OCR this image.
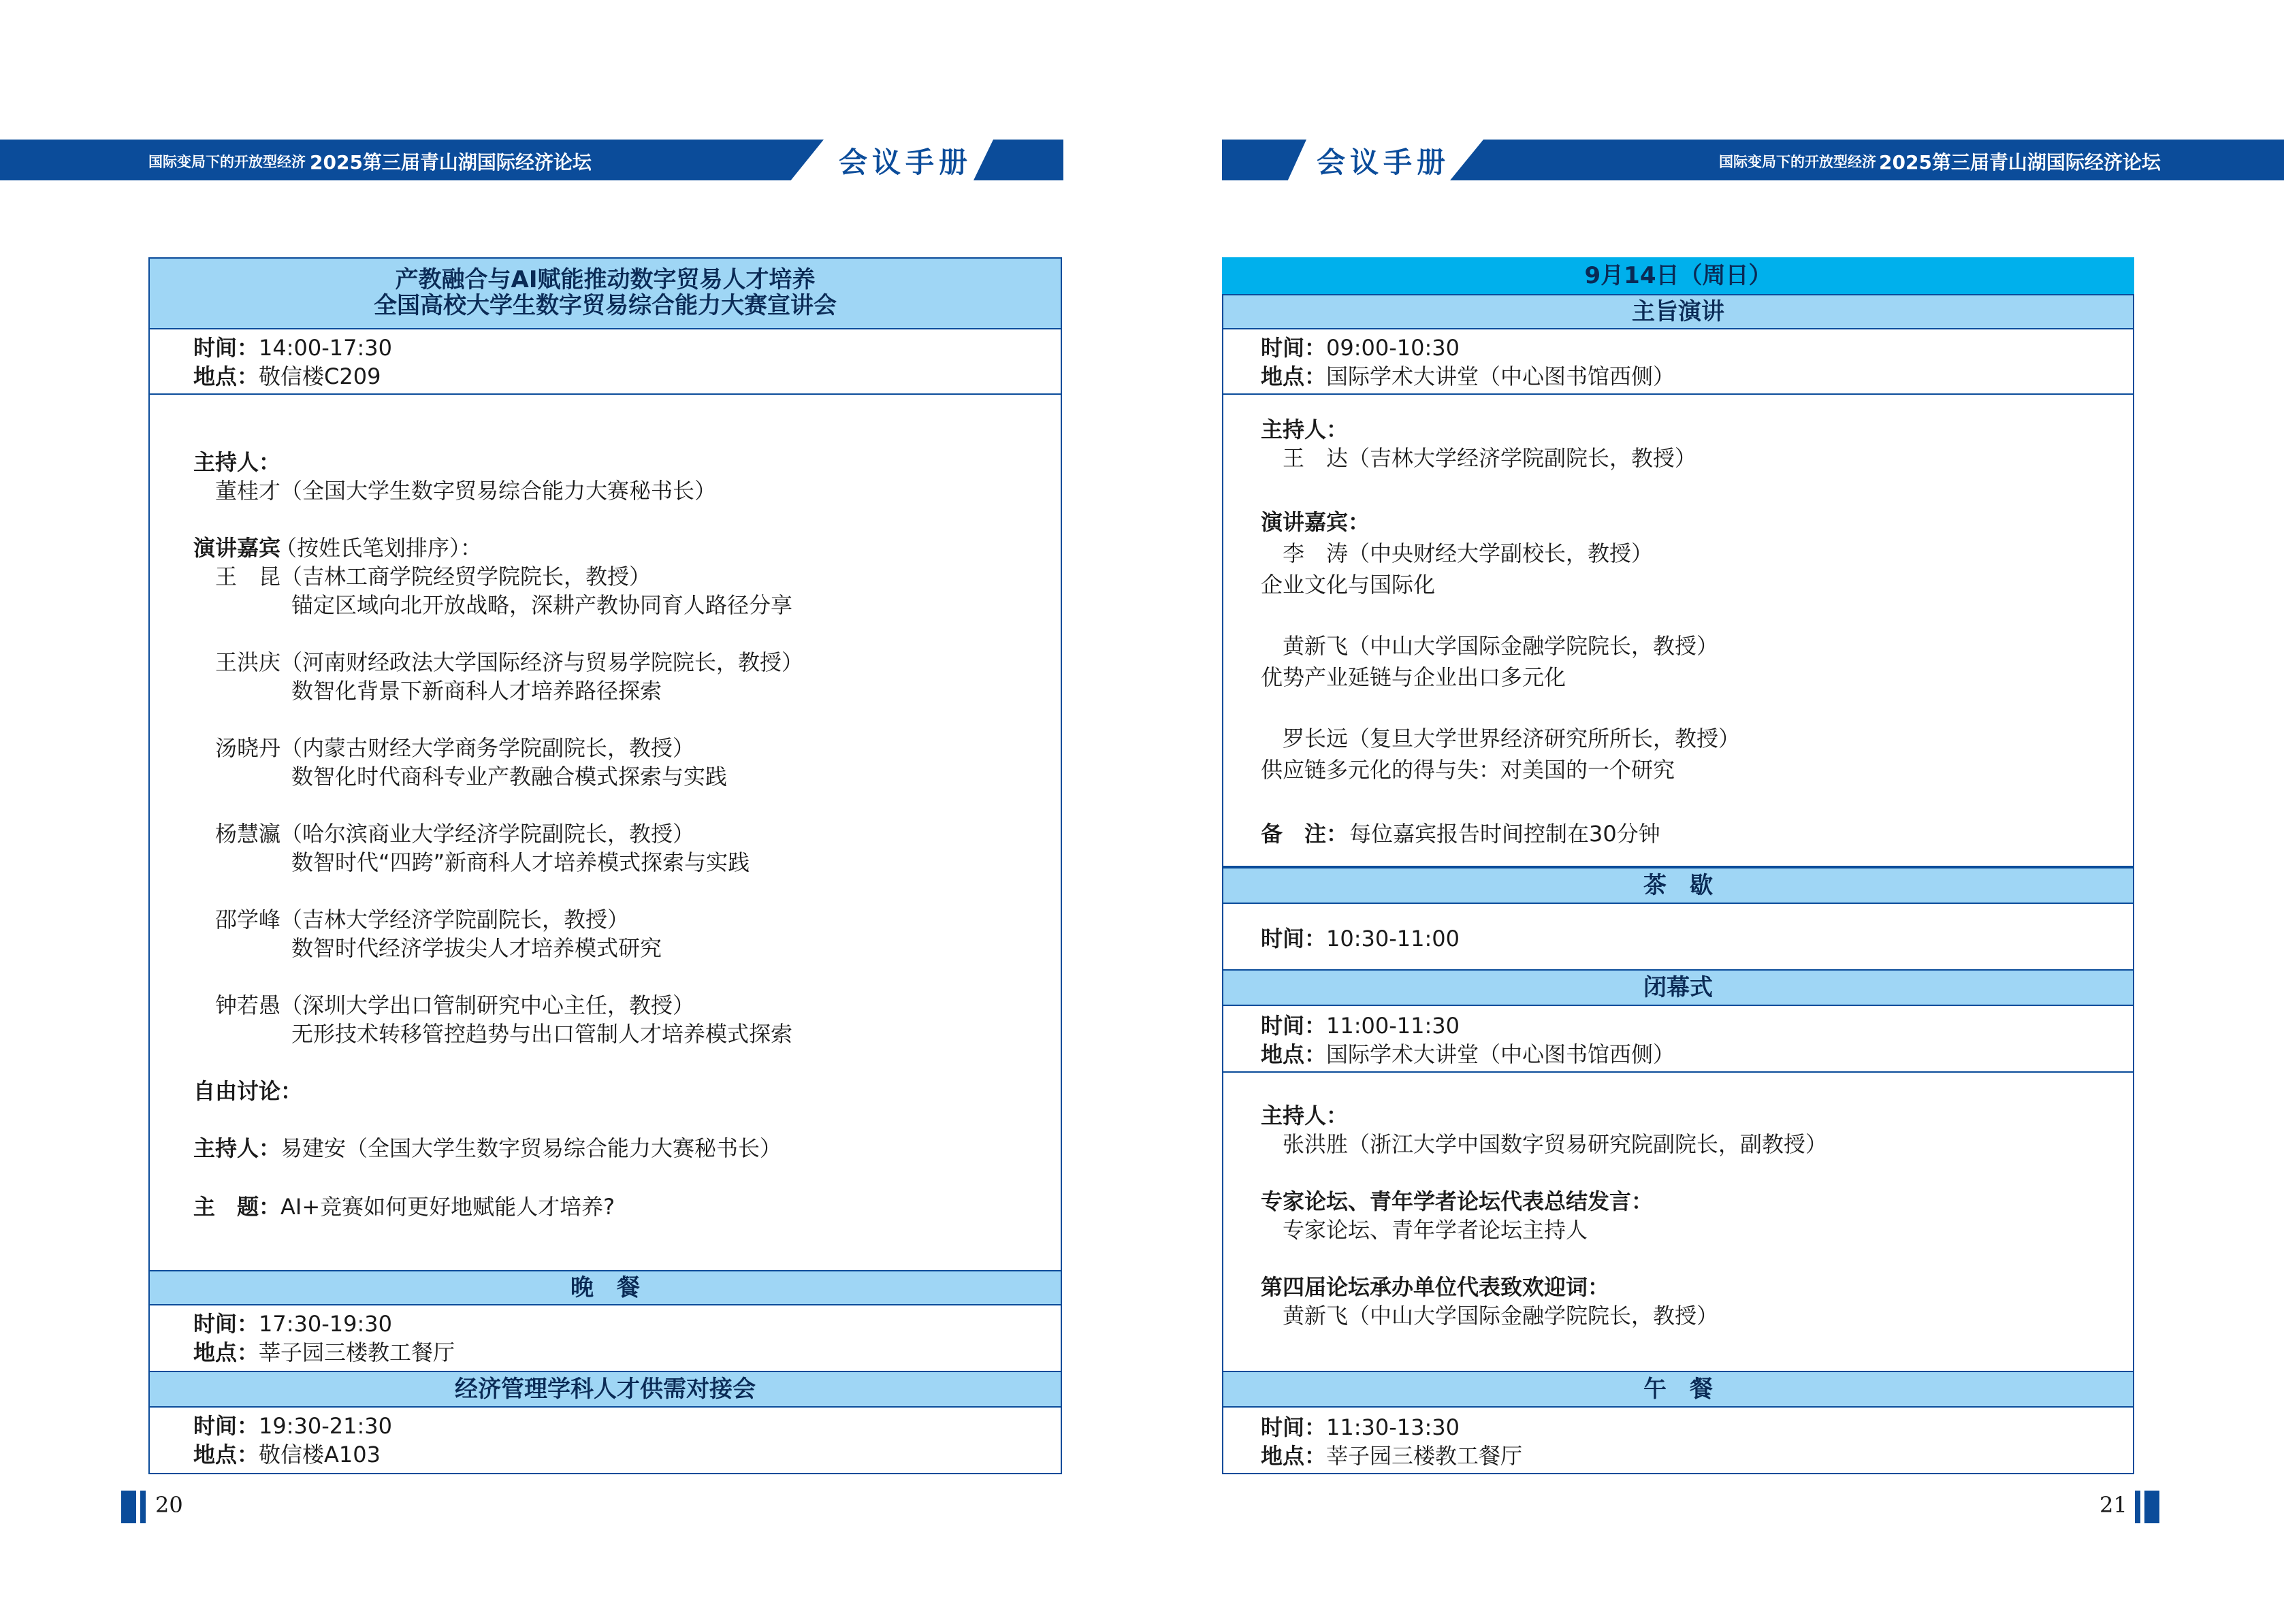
国际变局下的开放型经济 2025第三届青山湖国际经济论坛	会议手册	会议手册	国际变局下的开放型经济 2025第三届青山湖国际经济论坛
产教融合与AI赋能推动数字贸易人才培养
全国高校大学生数字贸易综合能力大赛宣讲会
时间： 14:00-17:30
地点： 敬信楼C209
主持人：
董桂才（全国大学生数字贸易综合能力大赛秘书长）
演讲嘉宾
（按姓氏笔划排序）：
王　昆（吉林工商学院经贸学院院长，教授）
锚定区域向北开放战略，深耕产教协同育人路径分享
王洪庆（河南财经政法大学国际经济与贸易学院院长，教授）
数智化背景下新商科人才培养路径探索
汤晓丹（内蒙古财经大学商务学院副院长，教授）
数智化时代商科专业产教融合模式探索与实践
杨慧瀛（哈尔滨商业大学经济学院副院长，教授）
数智时代“四跨”新商科人才培养模式探索与实践
邵学峰（吉林大学经济学院副院长，教授）
数智时代经济学拔尖人才培养模式研究
钟若愚（深圳大学出口管制研究中心主任，教授）
无形技术转移管控趋势与出口管制人才培养模式探索
自由讨论：
主持人： 易建安（全国大学生数字贸易综合能力大赛秘书长）
主　题： AI+竞赛如何更好地赋能人才培养?
晚　餐
时间： 17:30-19:30
地点： 莘子园三楼教工餐厅
经济管理学科人才供需对接会
时间： 19:30-21:30
地点： 敬信楼A103
20
9月14日（周日）
主旨演讲
时间： 09:00-10:30
地点： 国际学术大讲堂（中心图书馆西侧）
主持人：
王　达（吉林大学经济学院副院长，教授）
演讲嘉宾：
李　涛（中央财经大学副校长，教授）
企业文化与国际化
黄新飞（中山大学国际金融学院院长，教授）
优势产业延链与企业出口多元化
罗长远（复旦大学世界经济研究所所长，教授）
供应链多元化的得与失：对美国的一个研究
备　注： 每位嘉宾报告时间控制在30分钟
茶　歇
时间： 10:30-11:00
闭幕式
时间： 11:00-11:30
地点： 国际学术大讲堂（中心图书馆西侧）
主持人：
张洪胜（浙江大学中国数字贸易研究院副院长，副教授）
专家论坛、青年学者论坛代表总结发言：
专家论坛、青年学者论坛主持人
第四届论坛承办单位代表致欢迎词：
黄新飞（中山大学国际金融学院院长，教授）
午　餐
时间： 11:30-13:30
地点： 莘子园三楼教工餐厅
21
